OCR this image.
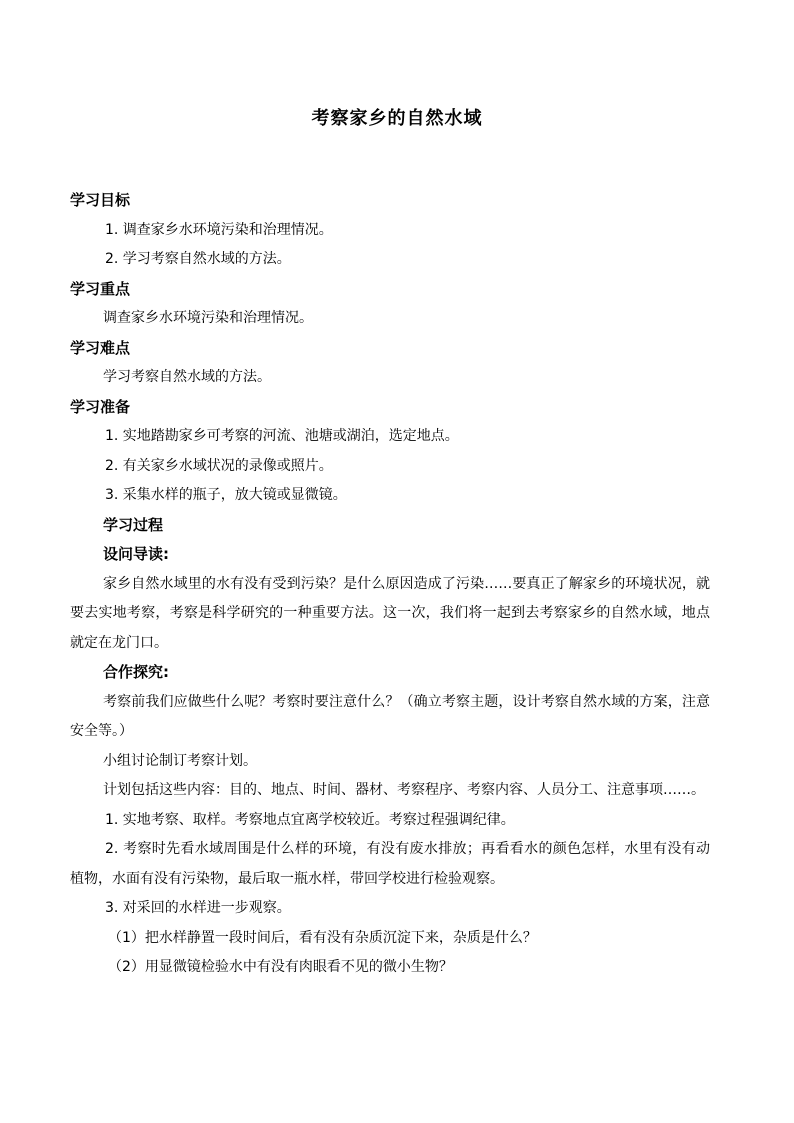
考察家乡的自然水域
学习目标
1. 调查家乡水环境污染和治理情况。
2. 学习考察自然水域的方法。
学习重点
调查家乡水环境污染和治理情况。
学习难点
学习考察自然水域的方法。
学习准备
1. 实地踏勘家乡可考察的河流、池塘或湖泊，选定地点。
2. 有关家乡水域状况的录像或照片。
3. 采集水样的瓶子，放大镜或显微镜。
学习过程
设问导读:
家乡自然水域里的水有没有受到污染？是什么原因造成了污染……要真正了解家乡的环境状况，就要去实地考察，考察是科学研究的一种重要方法。这一次，我们将一起到去考察家乡的自然水域，地点就定在龙门口。
合作探究:
考察前我们应做些什么呢？考察时要注意什么？（确立考察主题，设计考察自然水域的方案，注意安全等。）
小组讨论制订考察计划。
计划包括这些内容：目的、地点、时间、器材、考察程序、考察内容、人员分工、注意事项……。
1. 实地考察、取样。考察地点宜离学校较近。考察过程强调纪律。
2. 考察时先看水域周围是什么样的环境，有没有废水排放；再看看水的颜色怎样，水里有没有动植物，水面有没有污染物，最后取一瓶水样，带回学校进行检验观察。
3. 对采回的水样进一步观察。
（1）把水样静置一段时间后，看有没有杂质沉淀下来，杂质是什么？
（2）用显微镜检验水中有没有肉眼看不见的微小生物？
